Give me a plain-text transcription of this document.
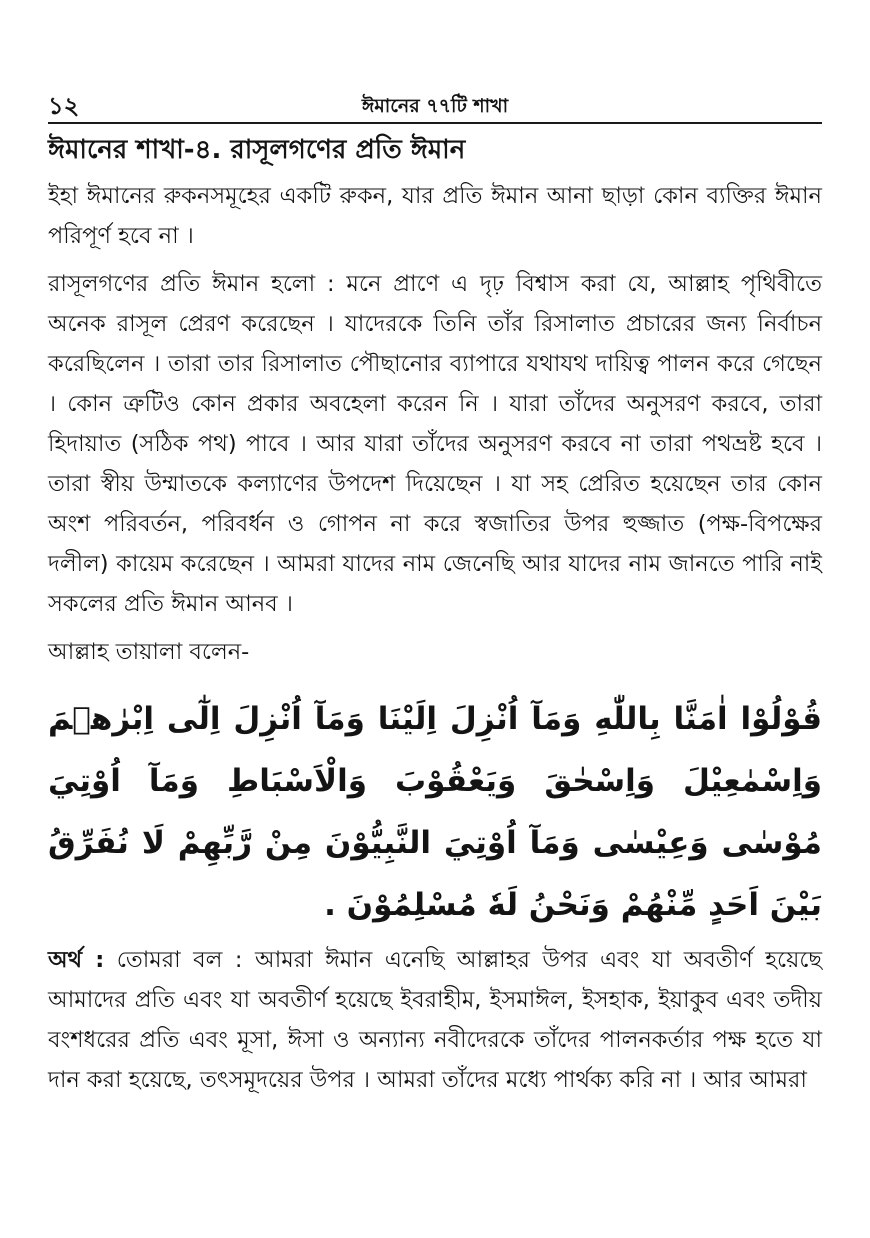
১২	ঈমানের ৭৭টি শাখা
ঈমানের শাখা-৪. রাসূলগণের প্রতি ঈমান

ইহা ঈমানের রুকনসমূহের একটি রুকন, যার প্রতি ঈমান আনা ছাড়া কোন ব্যক্তির ঈমান পরিপূর্ণ হবে না ।

রাসূলগণের প্রতি ঈমান হলো : মনে প্রাণে এ দৃঢ় বিশ্বাস করা যে, আল্লাহ পৃথিবীতে অনেক রাসূল প্রেরণ করেছেন । যাদেরকে তিনি তাঁর রিসালাত প্রচারের জন্য নির্বাচন করেছিলেন । তারা তার রিসালাত পৌছানোর ব্যাপারে যথাযথ দায়িত্ব পালন করে গেছেন । কোন ত্রুটিও কোন প্রকার অবহেলা করেন নি । যারা তাঁদের অনুসরণ করবে, তারা হিদায়াত (সঠিক পথ) পাবে । আর যারা তাঁদের অনুসরণ করবে না তারা পথভ্রষ্ট হবে । তারা স্বীয় উম্মাতকে কল্যাণের উপদেশ দিয়েছেন । যা সহ প্রেরিত হয়েছেন তার কোন অংশ পরিবর্তন, পরিবর্ধন ও গোপন না করে স্বজাতির উপর হুজ্জাত (পক্ষ-বিপক্ষের দলীল) কায়েম করেছেন । আমরা যাদের নাম জেনেছি আর যাদের নাম জানতে পারি নাই সকলের প্রতি ঈমান আনব ।

আল্লাহ তায়ালা বলেন-

قُوْلُوْا اٰمَنَّا بِاللّٰهِ وَمَآ اُنْزِلَ اِلَيْنَا وَمَآ اُنْزِلَ اِلٰٓى اِبْرٰهٖمَ وَاِسْمٰعِيْلَ وَاِسْحٰقَ وَيَعْقُوْبَ وَالْاَسْبَاطِ وَمَآ اُوْتِيَ مُوْسٰى وَعِيْسٰى وَمَآ اُوْتِيَ النَّبِيُّوْنَ مِنْ رَّبِّهِمْ لَا نُفَرِّقُ بَيْنَ اَحَدٍ مِّنْهُمْ وَنَحْنُ لَهٗ مُسْلِمُوْنَ .

অর্থ : তোমরা বল : আমরা ঈমান এনেছি আল্লাহর উপর এবং যা অবতীর্ণ হয়েছে আমাদের প্রতি এবং যা অবতীর্ণ হয়েছে ইবরাহীম, ইসমাঈল, ইসহাক, ইয়াকুব এবং তদীয় বংশধরের প্রতি এবং মূসা, ঈসা ও অন্যান্য নবীদেরকে তাঁদের পালনকর্তার পক্ষ হতে যা দান করা হয়েছে, তৎসমূদয়ের উপর । আমরা তাঁদের মধ্যে পার্থক্য করি না । আর আমরা
